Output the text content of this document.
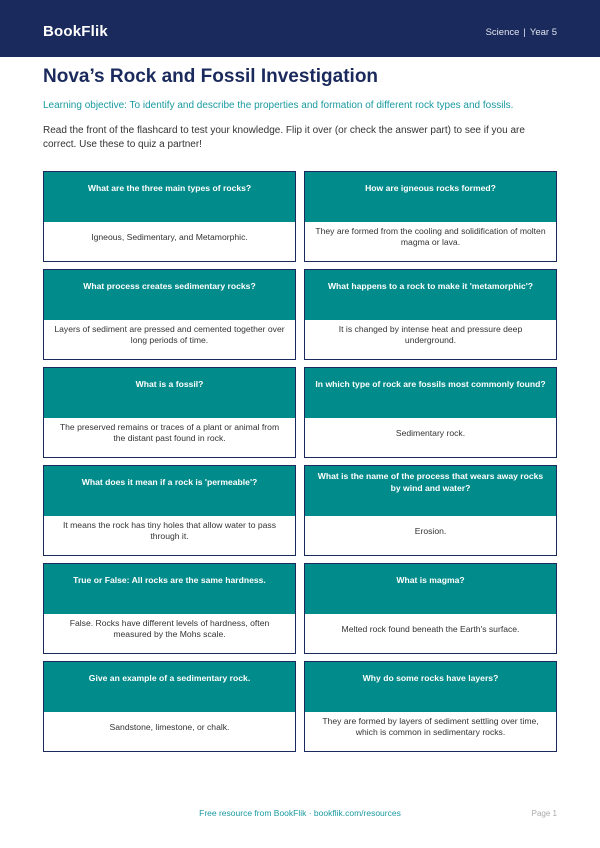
BookFlik	Science | Year 5
Nova’s Rock and Fossil Investigation

Learning objective: To identify and describe the properties and formation of different rock types and fossils.

Read the front of the flashcard to test your knowledge. Flip it over (or check the answer part) to see if you are correct. Use these to quiz a partner!

What are the three main types of rocks?
Igneous, Sedimentary, and Metamorphic.
How are igneous rocks formed?
They are formed from the cooling and solidification of molten magma or lava.
What process creates sedimentary rocks?
Layers of sediment are pressed and cemented together over long periods of time.
What happens to a rock to make it 'metamorphic'?
It is changed by intense heat and pressure deep underground.
What is a fossil?
The preserved remains or traces of a plant or animal from the distant past found in rock.
In which type of rock are fossils most commonly found?
Sedimentary rock.
What does it mean if a rock is 'permeable'?
It means the rock has tiny holes that allow water to pass through it.
What is the name of the process that wears away rocks by wind and water?
Erosion.
True or False: All rocks are the same hardness.
False. Rocks have different levels of hardness, often measured by the Mohs scale.
What is magma?
Melted rock found beneath the Earth's surface.
Give an example of a sedimentary rock.
Sandstone, limestone, or chalk.
Why do some rocks have layers?
They are formed by layers of sediment settling over time, which is common in sedimentary rocks.
Free resource from BookFlik · bookflik.com/resources	Page 1
